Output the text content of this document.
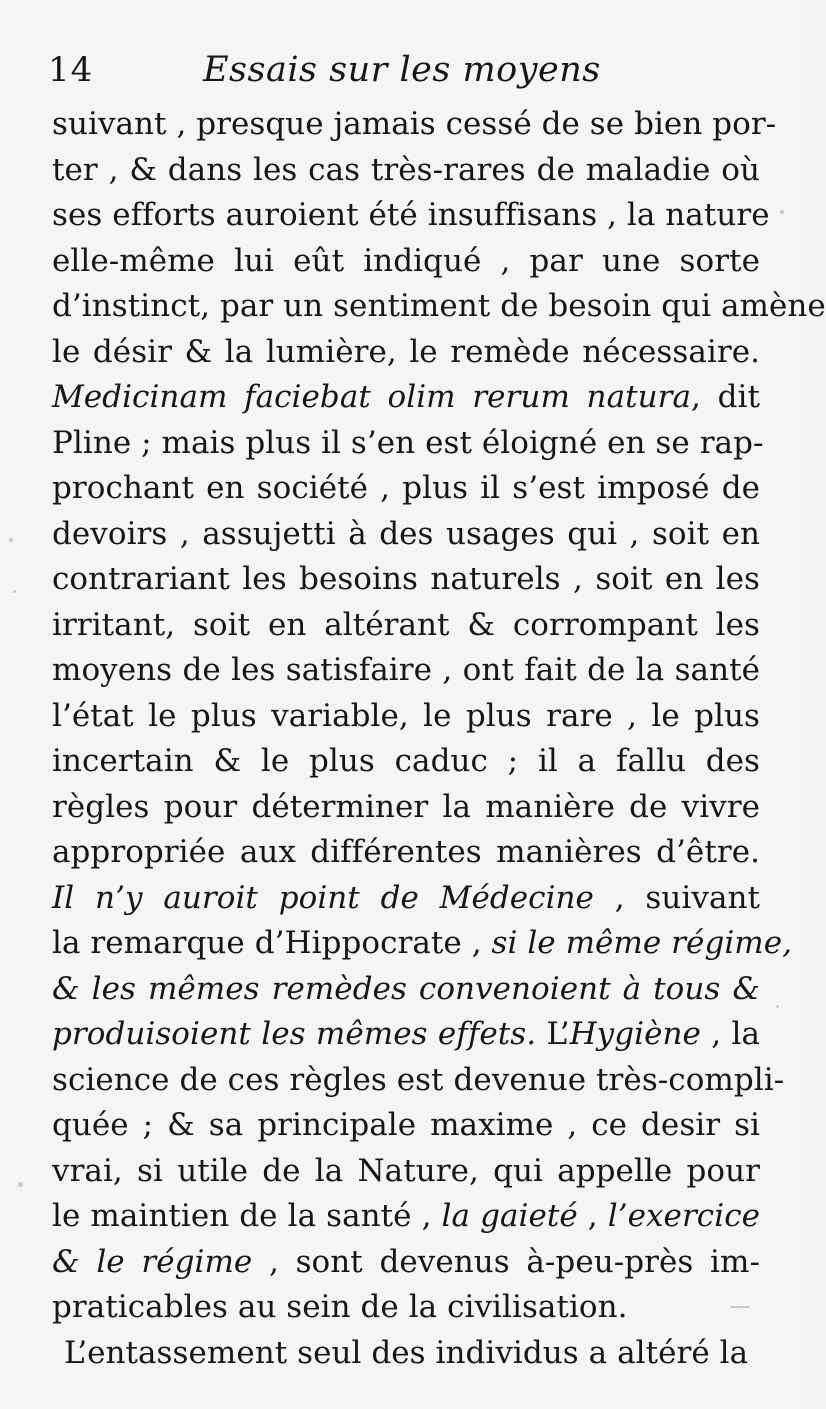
14	Essais sur les moyens
suivant , presque jamais cessé de se bien por-
ter , & dans les cas très-rares de maladie où
ses efforts auroient été insuffisans , la nature
elle-même lui eût indiqué , par une sorte
d’instinct, par un sentiment de besoin qui amène
le désir & la lumière, le remède nécessaire.
Medicinam faciebat olim rerum natura, dit
Pline ; mais plus il s’en est éloigné en se rap-
prochant en société , plus il s’est imposé de
devoirs , assujetti à des usages qui , soit en
contrariant les besoins naturels , soit en les
irritant, soit en altérant & corrompant les
moyens de les satisfaire , ont fait de la santé
l’état le plus variable, le plus rare , le plus
incertain & le plus caduc ; il a fallu des
règles pour déterminer la manière de vivre
appropriée aux différentes manières d’être.
Il n’y auroit point de Médecine , suivant
la remarque d’Hippocrate , si le même régime,
& les mêmes remèdes convenoient à tous &
produisoient les mêmes effets. L’Hygiène , la
science de ces règles est devenue très-compli-
quée ; & sa principale maxime , ce desir si
vrai, si utile de la Nature, qui appelle pour
le maintien de la santé , la gaieté , l’exercice
& le régime , sont devenus à-peu-près im-
praticables au sein de la civilisation.
L’entassement seul des individus a altéré la
